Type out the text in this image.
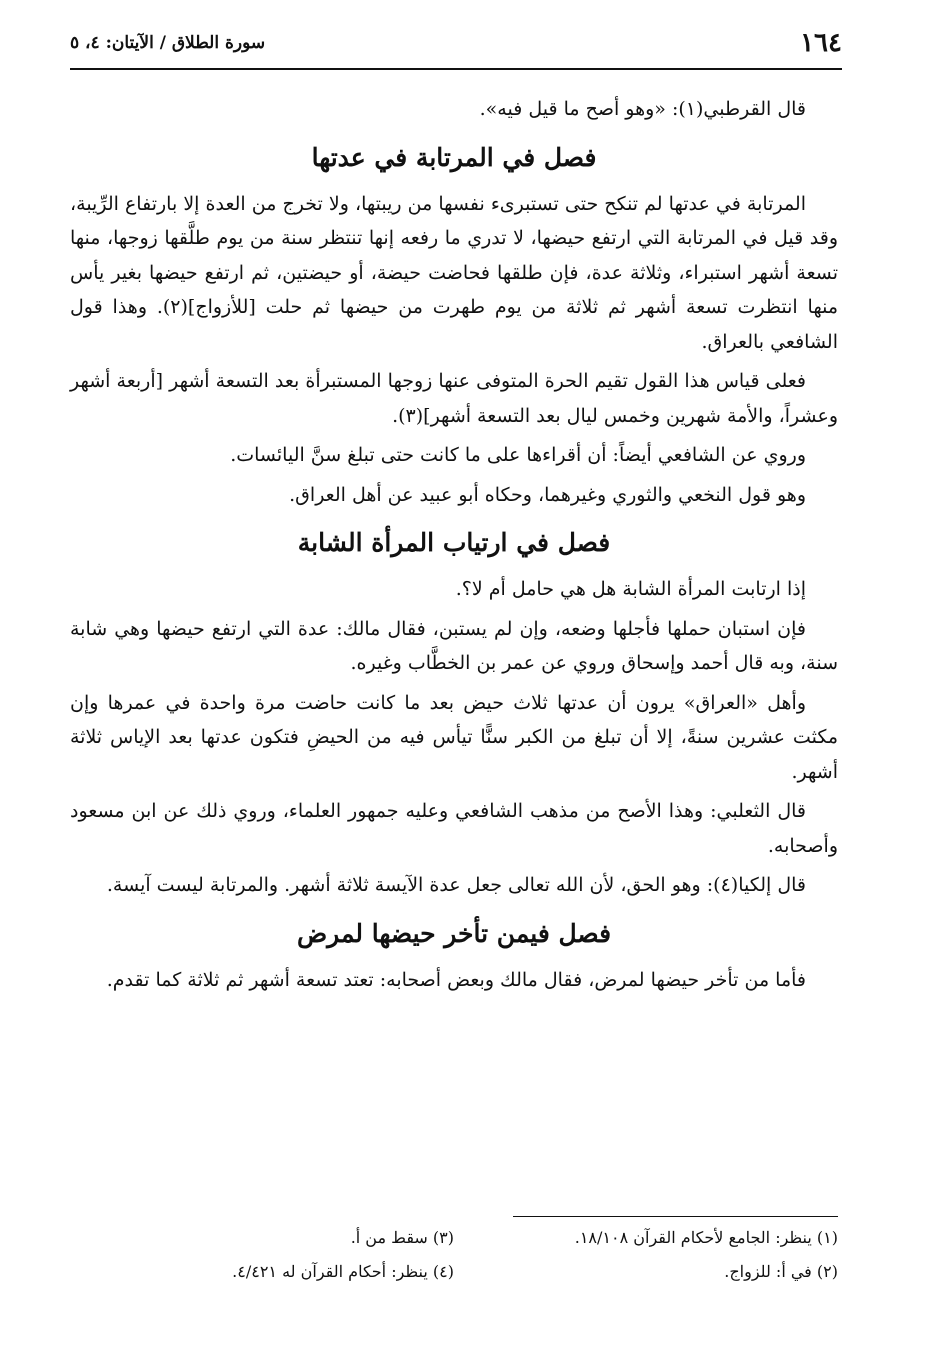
١٦٤
سورة الطلاق / الآيتان: ٤، ٥

قال القرطبي(١): «وهو أصح ما قيل فيه».

فصل في المرتابة في عدتها

المرتابة في عدتها لم تنكح حتى تستبرىء نفسها من ريبتها، ولا تخرج من العدة إلا بارتفاع الرِّيبة، وقد قيل في المرتابة التي ارتفع حيضها، لا تدري ما رفعه إنها تنتظر سنة من يوم طلَّقها زوجها، منها تسعة أشهر استبراء، وثلاثة عدة، فإن طلقها فحاضت حيضة، أو حيضتين، ثم ارتفع حيضها بغير يأس منها انتظرت تسعة أشهر ثم ثلاثة من يوم طهرت من حيضها ثم حلت [للأزواج](٢). وهذا قول الشافعي بالعراق.

فعلى قياس هذا القول تقيم الحرة المتوفى عنها زوجها المستبرأة بعد التسعة أشهر [أربعة أشهر وعشراً، والأمة شهرين وخمس ليال بعد التسعة أشهر](٣).

وروي عن الشافعي أيضاً: أن أقراءها على ما كانت حتى تبلغ سنَّ اليائسات.

وهو قول النخعي والثوري وغيرهما، وحكاه أبو عبيد عن أهل العراق.

فصل في ارتياب المرأة الشابة

إذا ارتابت المرأة الشابة هل هي حامل أم لا؟.

فإن استبان حملها فأجلها وضعه، وإن لم يستبن، فقال مالك: عدة التي ارتفع حيضها وهي شابة سنة، وبه قال أحمد وإسحاق وروي عن عمر بن الخطَّاب وغيره.

وأهل «العراق» يرون أن عدتها ثلاث حيض بعد ما كانت حاضت مرة واحدة في عمرها وإن مكثت عشرين سنةً، إلا أن تبلغ من الكبر سنًّا تيأس فيه من الحيضِ فتكون عدتها بعد الإياس ثلاثة أشهر.

قال الثعلبي: وهذا الأصح من مذهب الشافعي وعليه جمهور العلماء، وروي ذلك عن ابن مسعود وأصحابه.

قال إلكيا(٤): وهو الحق، لأن الله تعالى جعل عدة الآيسة ثلاثة أشهر. والمرتابة ليست آيسة.

فصل فيمن تأخر حيضها لمرض

فأما من تأخر حيضها لمرض، فقال مالك وبعض أصحابه: تعتد تسعة أشهر ثم ثلاثة كما تقدم.

(١) ينظر: الجامع لأحكام القرآن ١٨/١٠٨.
(٣) سقط من أ.
(٢) في أ: للزواج.
(٤) ينظر: أحكام القرآن له ٤/٤٢١.
